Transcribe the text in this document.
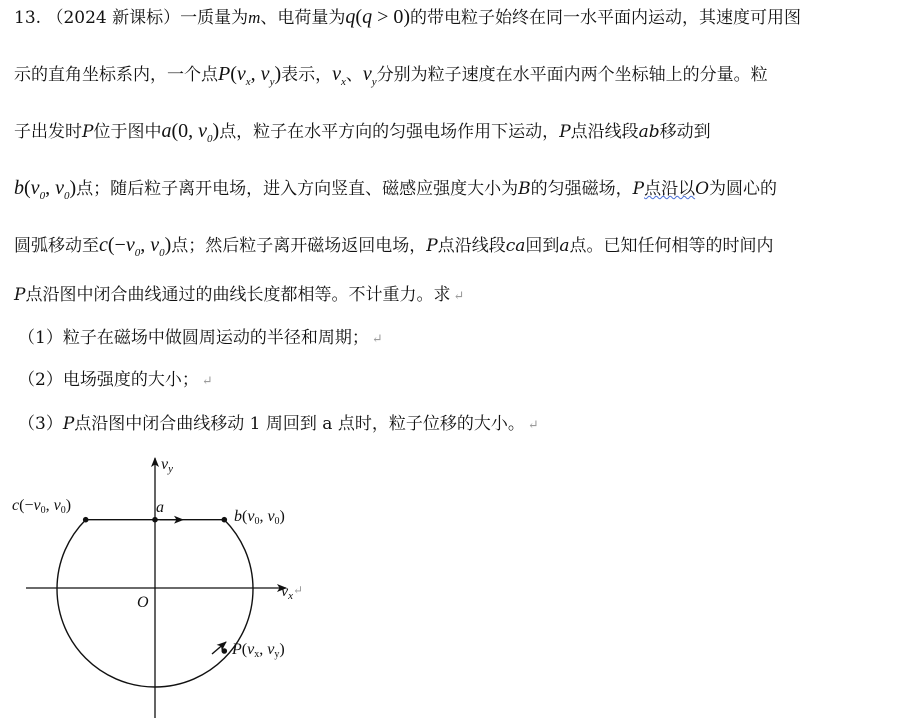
13. （2024 新课标）一质量为m、电荷量为q(q > 0)的带电粒子始终在同一水平面内运动，其速度可用图
示的直角坐标系内，一个点$P(v_x$, $v_y$)表示，$v_x$、$v_y$分别为粒子速度在水平面内两个坐标轴上的分量。粒
子出发时P位于图中a(0, $v_0$)点，粒子在水平方向的匀强电场作用下运动，P点沿线段ab移动到
$b(v_0$, $v_0$)点；随后粒子离开电场，进入方向竖直、磁感应强度大小为B的匀强磁场，P点沿以O为圆心的
圆弧移动至$c(-v_0$, $v_0$)点；然后粒子离开磁场返回电场，P点沿线段ca回到a点。已知任何相等的时间内
P点沿图中闭合曲线通过的曲线长度都相等。不计重力。求 ↵
（1）粒子在磁场中做圆周运动的半径和周期； ↵
（2）电场强度的大小； ↵
（3）P点沿图中闭合曲线移动 1 周回到 a 点时，粒子位移的大小。 ↵
vy
vx↵
O
a
c(−v0, v0)
b(v0, v0)
P(vx, vy)
